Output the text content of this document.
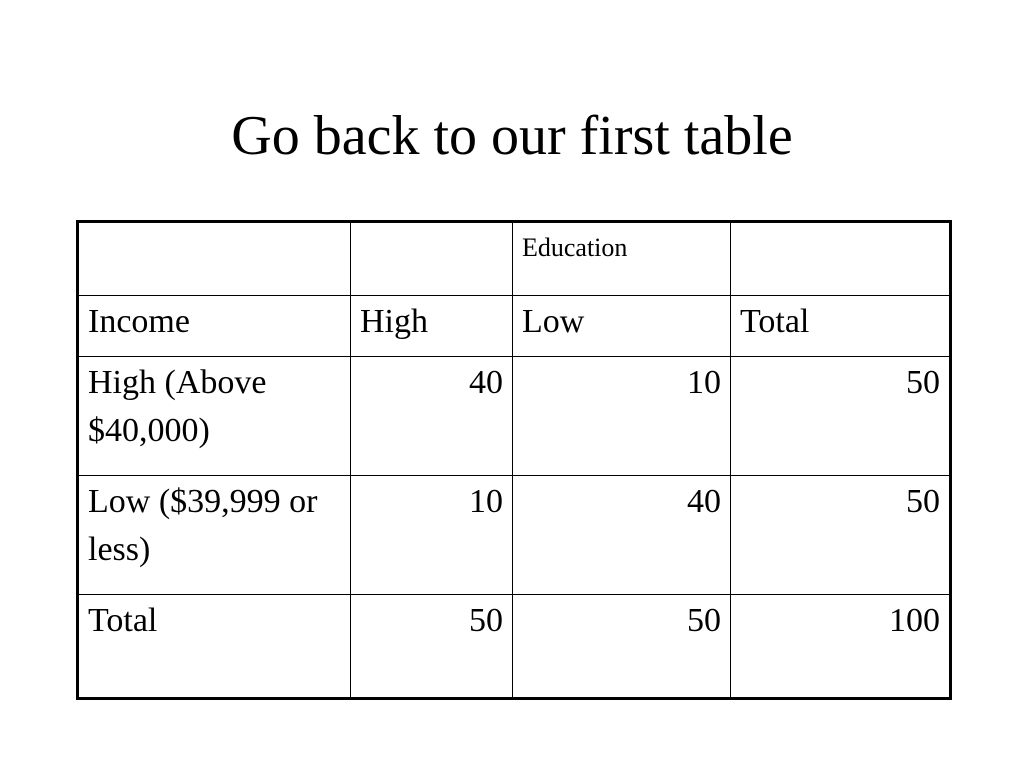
Go back to our first table
		Education	
Income	High	Low	Total
High (Above $40,000)	40	10	50
Low ($39,999 or less)	10	40	50
Total	50	50	100
